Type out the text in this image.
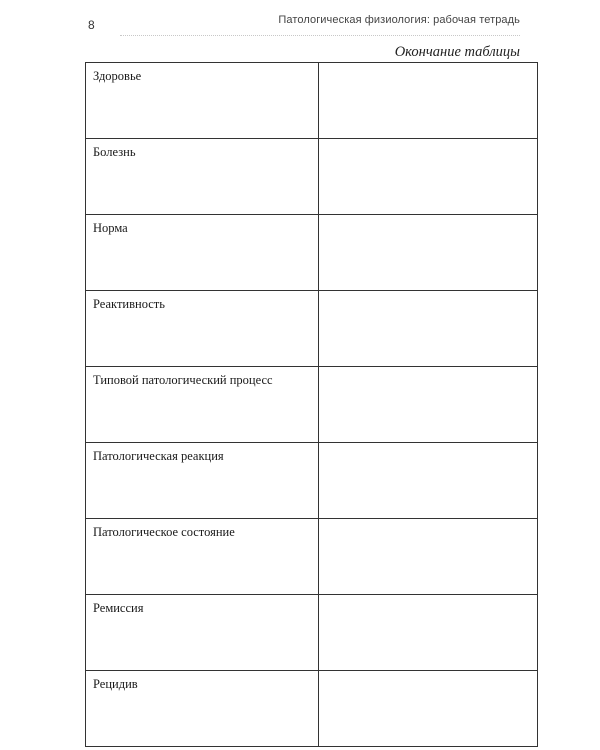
8	Патологическая физиология: рабочая тетрадь
Окончание таблицы
Здоровье	
Болезнь	
Норма	
Реактивность	
Типовой патологический процесс	
Патологическая реакция	
Патологическое состояние	
Ремиссия	
Рецидив	
